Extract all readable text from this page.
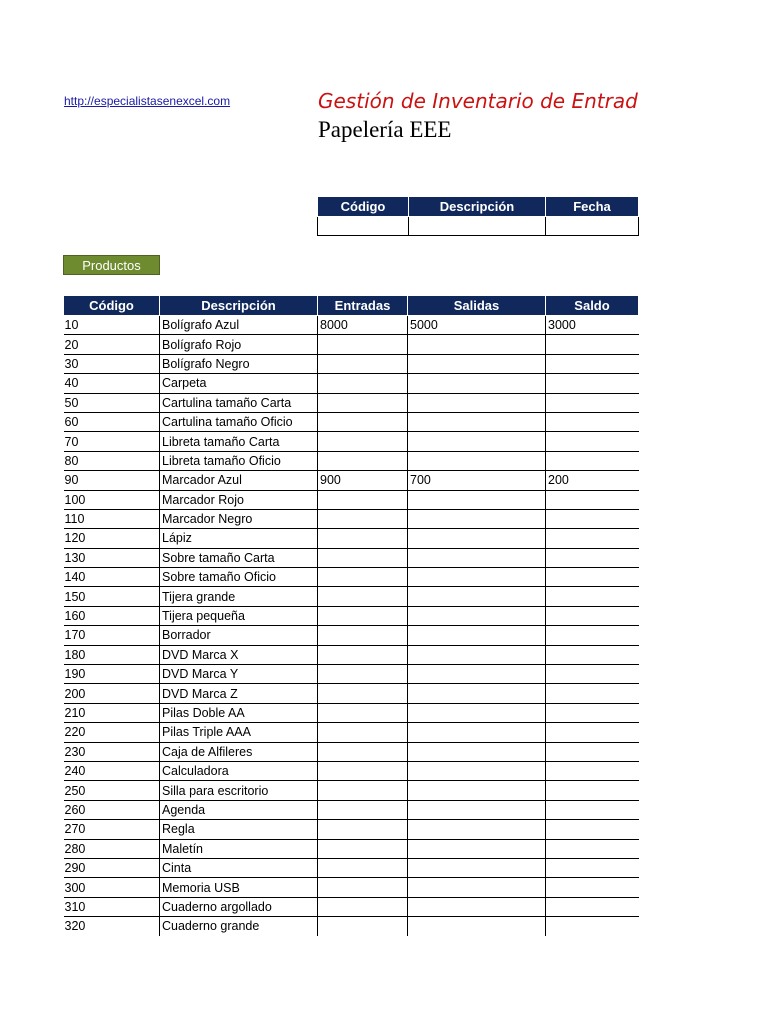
http://especialistasenexcel.com	Gestión de Inventario de Entrad
Papelería EEE
Código	Descripción	Fecha

Productos
Código	Descripción	Entradas	Salidas	Saldo
10	Bolígrafo Azul	8000	5000	3000
20	Bolígrafo Rojo			
30	Bolígrafo Negro			
40	Carpeta			
50	Cartulina tamaño Carta			
60	Cartulina tamaño Oficio			
70	Libreta tamaño Carta			
80	Libreta tamaño Oficio			
90	Marcador Azul	900	700	200
100	Marcador Rojo			
110	Marcador Negro			
120	Lápiz			
130	Sobre tamaño Carta			
140	Sobre tamaño Oficio			
150	Tijera grande			
160	Tijera pequeña			
170	Borrador			
180	DVD Marca X			
190	DVD Marca Y			
200	DVD Marca Z			
210	Pilas Doble AA			
220	Pilas Triple AAA			
230	Caja de Alfileres			
240	Calculadora			
250	Silla para escritorio			
260	Agenda			
270	Regla			
280	Maletín			
290	Cinta			
300	Memoria USB			
310	Cuaderno argollado			
320	Cuaderno grande			
